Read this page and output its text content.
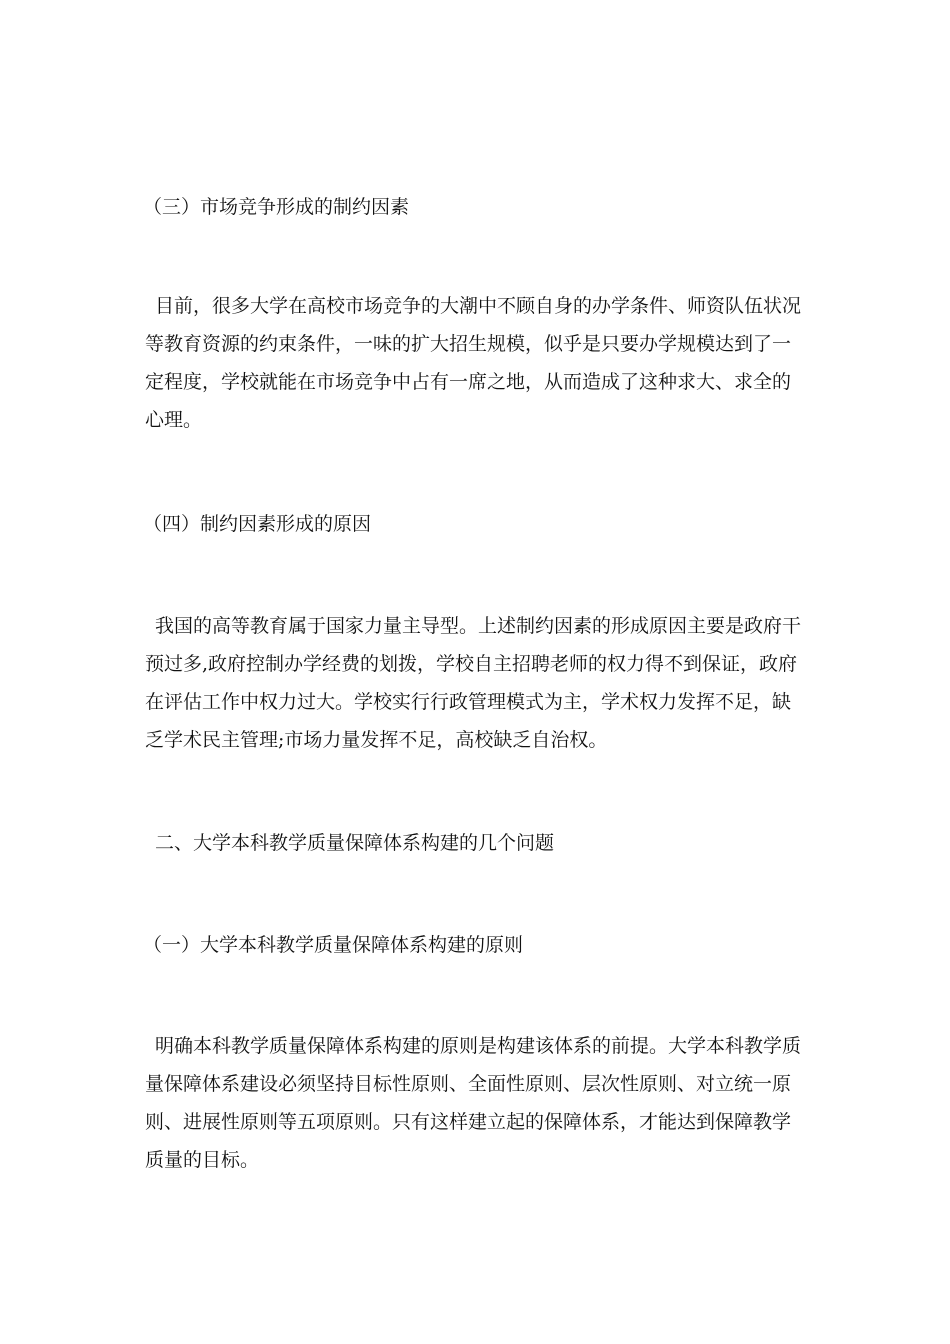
（三）市场竞争形成的制约因素
目前，很多大学在高校市场竞争的大潮中不顾自身的办学条件、师资队伍状况
等教育资源的约束条件，一味的扩大招生规模，似乎是只要办学规模达到了一
定程度，学校就能在市场竞争中占有一席之地，从而造成了这种求大、求全的
心理。
（四）制约因素形成的原因
我国的高等教育属于国家力量主导型。上述制约因素的形成原因主要是政府干
预过多,政府控制办学经费的划拨，学校自主招聘老师的权力得不到保证，政府
在评估工作中权力过大。学校实行行政管理模式为主，学术权力发挥不足，缺
乏学术民主管理;市场力量发挥不足，高校缺乏自治权。
二、大学本科教学质量保障体系构建的几个问题
（一）大学本科教学质量保障体系构建的原则
明确本科教学质量保障体系构建的原则是构建该体系的前提。大学本科教学质
量保障体系建设必须坚持目标性原则、全面性原则、层次性原则、对立统一原
则、进展性原则等五项原则。只有这样建立起的保障体系，才能达到保障教学
质量的目标。
